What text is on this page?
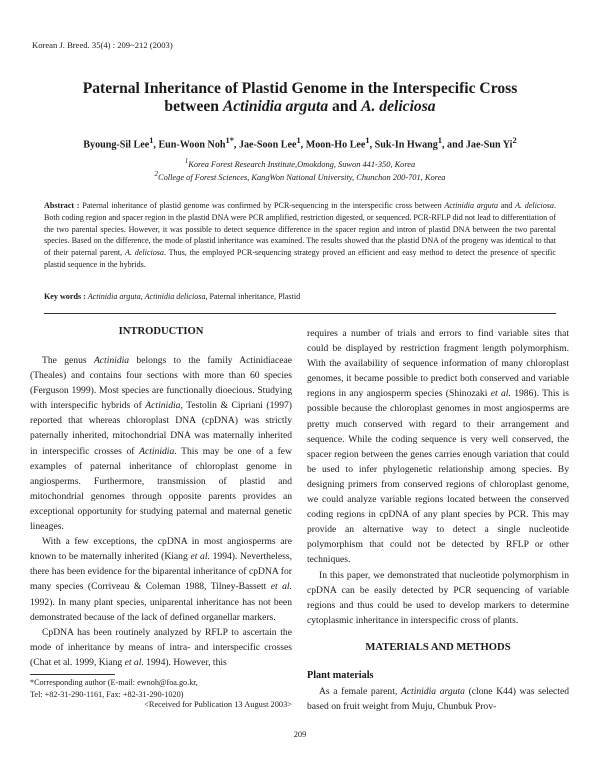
Korean J. Breed. 35(4) : 209~212 (2003)
Paternal Inheritance of Plastid Genome in the Interspecific Cross
between Actinidia arguta and A. deliciosa
Byoung-Sil Lee$^1$, Eun-Woon Noh$^{1*}$, Jae-Soon Lee$^1$, Moon-Ho Lee$^1$, Suk-In Hwang$^1$, and Jae-Sun Yi$^2$
$^1$Korea Forest Research Institute,Omokdong, Suwon 441-350, Korea
$^2$College of Forest Sciences, KangWon National University, Chunchon 200-701, Korea
Abstract : Paternal inheritance of plastid genome was confirmed by PCR-sequencing in the interspecific cross between Actinidia arguta and A. deliciosa. Both coding region and spacer region in the plastid DNA were PCR amplified, restriction digested, or sequenced. PCR-RFLP did not lead to differentiation of the two parental species. However, it was possible to detect sequence difference in the spacer region and intron of plastid DNA between the two parental species. Based on the difference, the mode of plastid inheritance was examined. The results showed that the plastid DNA of the progeny was identical to that of their paternal parent, A. deliciosa. Thus, the employed PCR-sequencing strategy proved an efficient and easy method to detect the presence of specific plastid sequence in the hybrids.
Key words : Actinidia arguta, Actinidia deliciosa, Paternal inheritance, Plastid
INTRODUCTION

The genus Actinidia belongs to the family Actinidiaceae (Theales) and contains four sections with more than 60 species (Ferguson 1999). Most species are functionally dioecious. Studying with interspecific hybrids of Actinidia, Testolin & Cipriani (1997) reported that whereas chloroplast DNA (cpDNA) was strictly paternally inherited, mitochondrial DNA was maternally inherited in interspecific crosses of Actinidia. This may be one of a few examples of paternal inheritance of chloroplast genome in angiosperms. Furthermore, transmission of plastid and mitochondrial genomes through opposite parents provides an exceptional opportunity for studying paternal and maternal genetic lineages.

With a few exceptions, the cpDNA in most angiosperms are known to be maternally inherited (Kiang et al. 1994). Nevertheless, there has been evidence for the biparental inheritance of cpDNA for many species (Corriveau & Coleman 1988, Tilney-Bassett et al. 1992). In many plant species, uniparental inheritance has not been demonstrated because of the lack of defined organellar markers.

CpDNA has been routinely analyzed by RFLP to ascertain the mode of inheritance by means of intra- and interspecific crosses (Chat et al. 1999, Kiang et al. 1994). However, this

*Corresponding author (E-mail: ewnoh@foa.go.kr,
Tel: +82-31-290-1161, Fax: +82-31-290-1020)
<Received for Publication 13 August 2003>

requires a number of trials and errors to find variable sites that could be displayed by restriction fragment length polymorphism. With the availability of sequence information of many chloroplast genomes, it became possible to predict both conserved and variable regions in any angiosperm species (Shinozaki et al. 1986). This is possible because the chloroplast genomes in most angiosperms are pretty much conserved with regard to their arrangement and sequence. While the coding sequence is very well conserved, the spacer region between the genes carries enough variation that could be used to infer phylogenetic relationship among species. By designing primers from conserved regions of chloroplast genome, we could analyze variable regions located between the conserved coding regions in cpDNA of any plant species by PCR. This may provide an alternative way to detect a single nucleotide polymorphism that could not be detected by RFLP or other techniques.

In this paper, we demonstrated that nucleotide polymorphism in cpDNA can be easily detected by PCR sequencing of variable regions and thus could be used to develop markers to determine cytoplasmic inheritance in interspecific cross of plants.

MATERIALS AND METHODS
Plant materials

As a female parent, Actinidia arguta (clone K44) was selected based on fruit weight from Muju, Chunbuk Prov-

209
